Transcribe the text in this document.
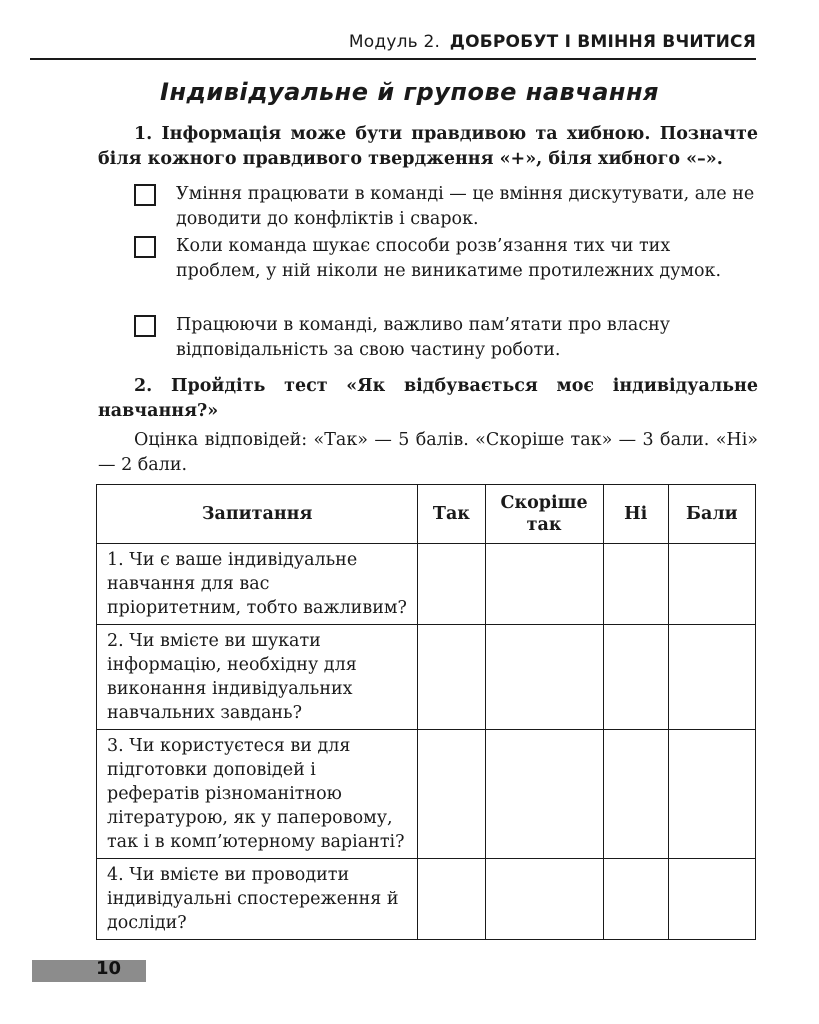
Модуль 2. ДОБРОБУТ І ВМІННЯ ВЧИТИСЯ
Індивідуальне й групове навчання
1. Інформація може бути правдивою та хибною. Позначте біля кожного правдивого твердження «+», біля хибного «–».
Уміння працювати в команді — це вміння дискутувати, але не доводити до конфліктів і сварок.
Коли команда шукає способи розв’язання тих чи тих проблем, у ній ніколи не виникатиме протилежних думок.
Працюючи в команді, важливо пам’ятати про власну відповідальність за свою частину роботи.
2. Пройдіть тест «Як відбувається моє індивідуальне навчання?»
Оцінка відповідей: «Так» — 5 балів. «Скоріше так» — 3 бали. «Ні» — 2 бали.
Запитання	Так	Скоріше так	Ні	Бали
1. Чи є ваше індивідуальне навчання для вас пріоритетним, тобто важливим?				
2. Чи вмієте ви шукати інформацію, необхідну для виконання індивідуальних навчальних завдань?				
3. Чи користуєтеся ви для підготовки доповідей і рефератів різноманітною літературою, як у паперовому, так і в комп’ютерному варіанті?				
4. Чи вмієте ви проводити індивідуальні спостереження й досліди?				
10
